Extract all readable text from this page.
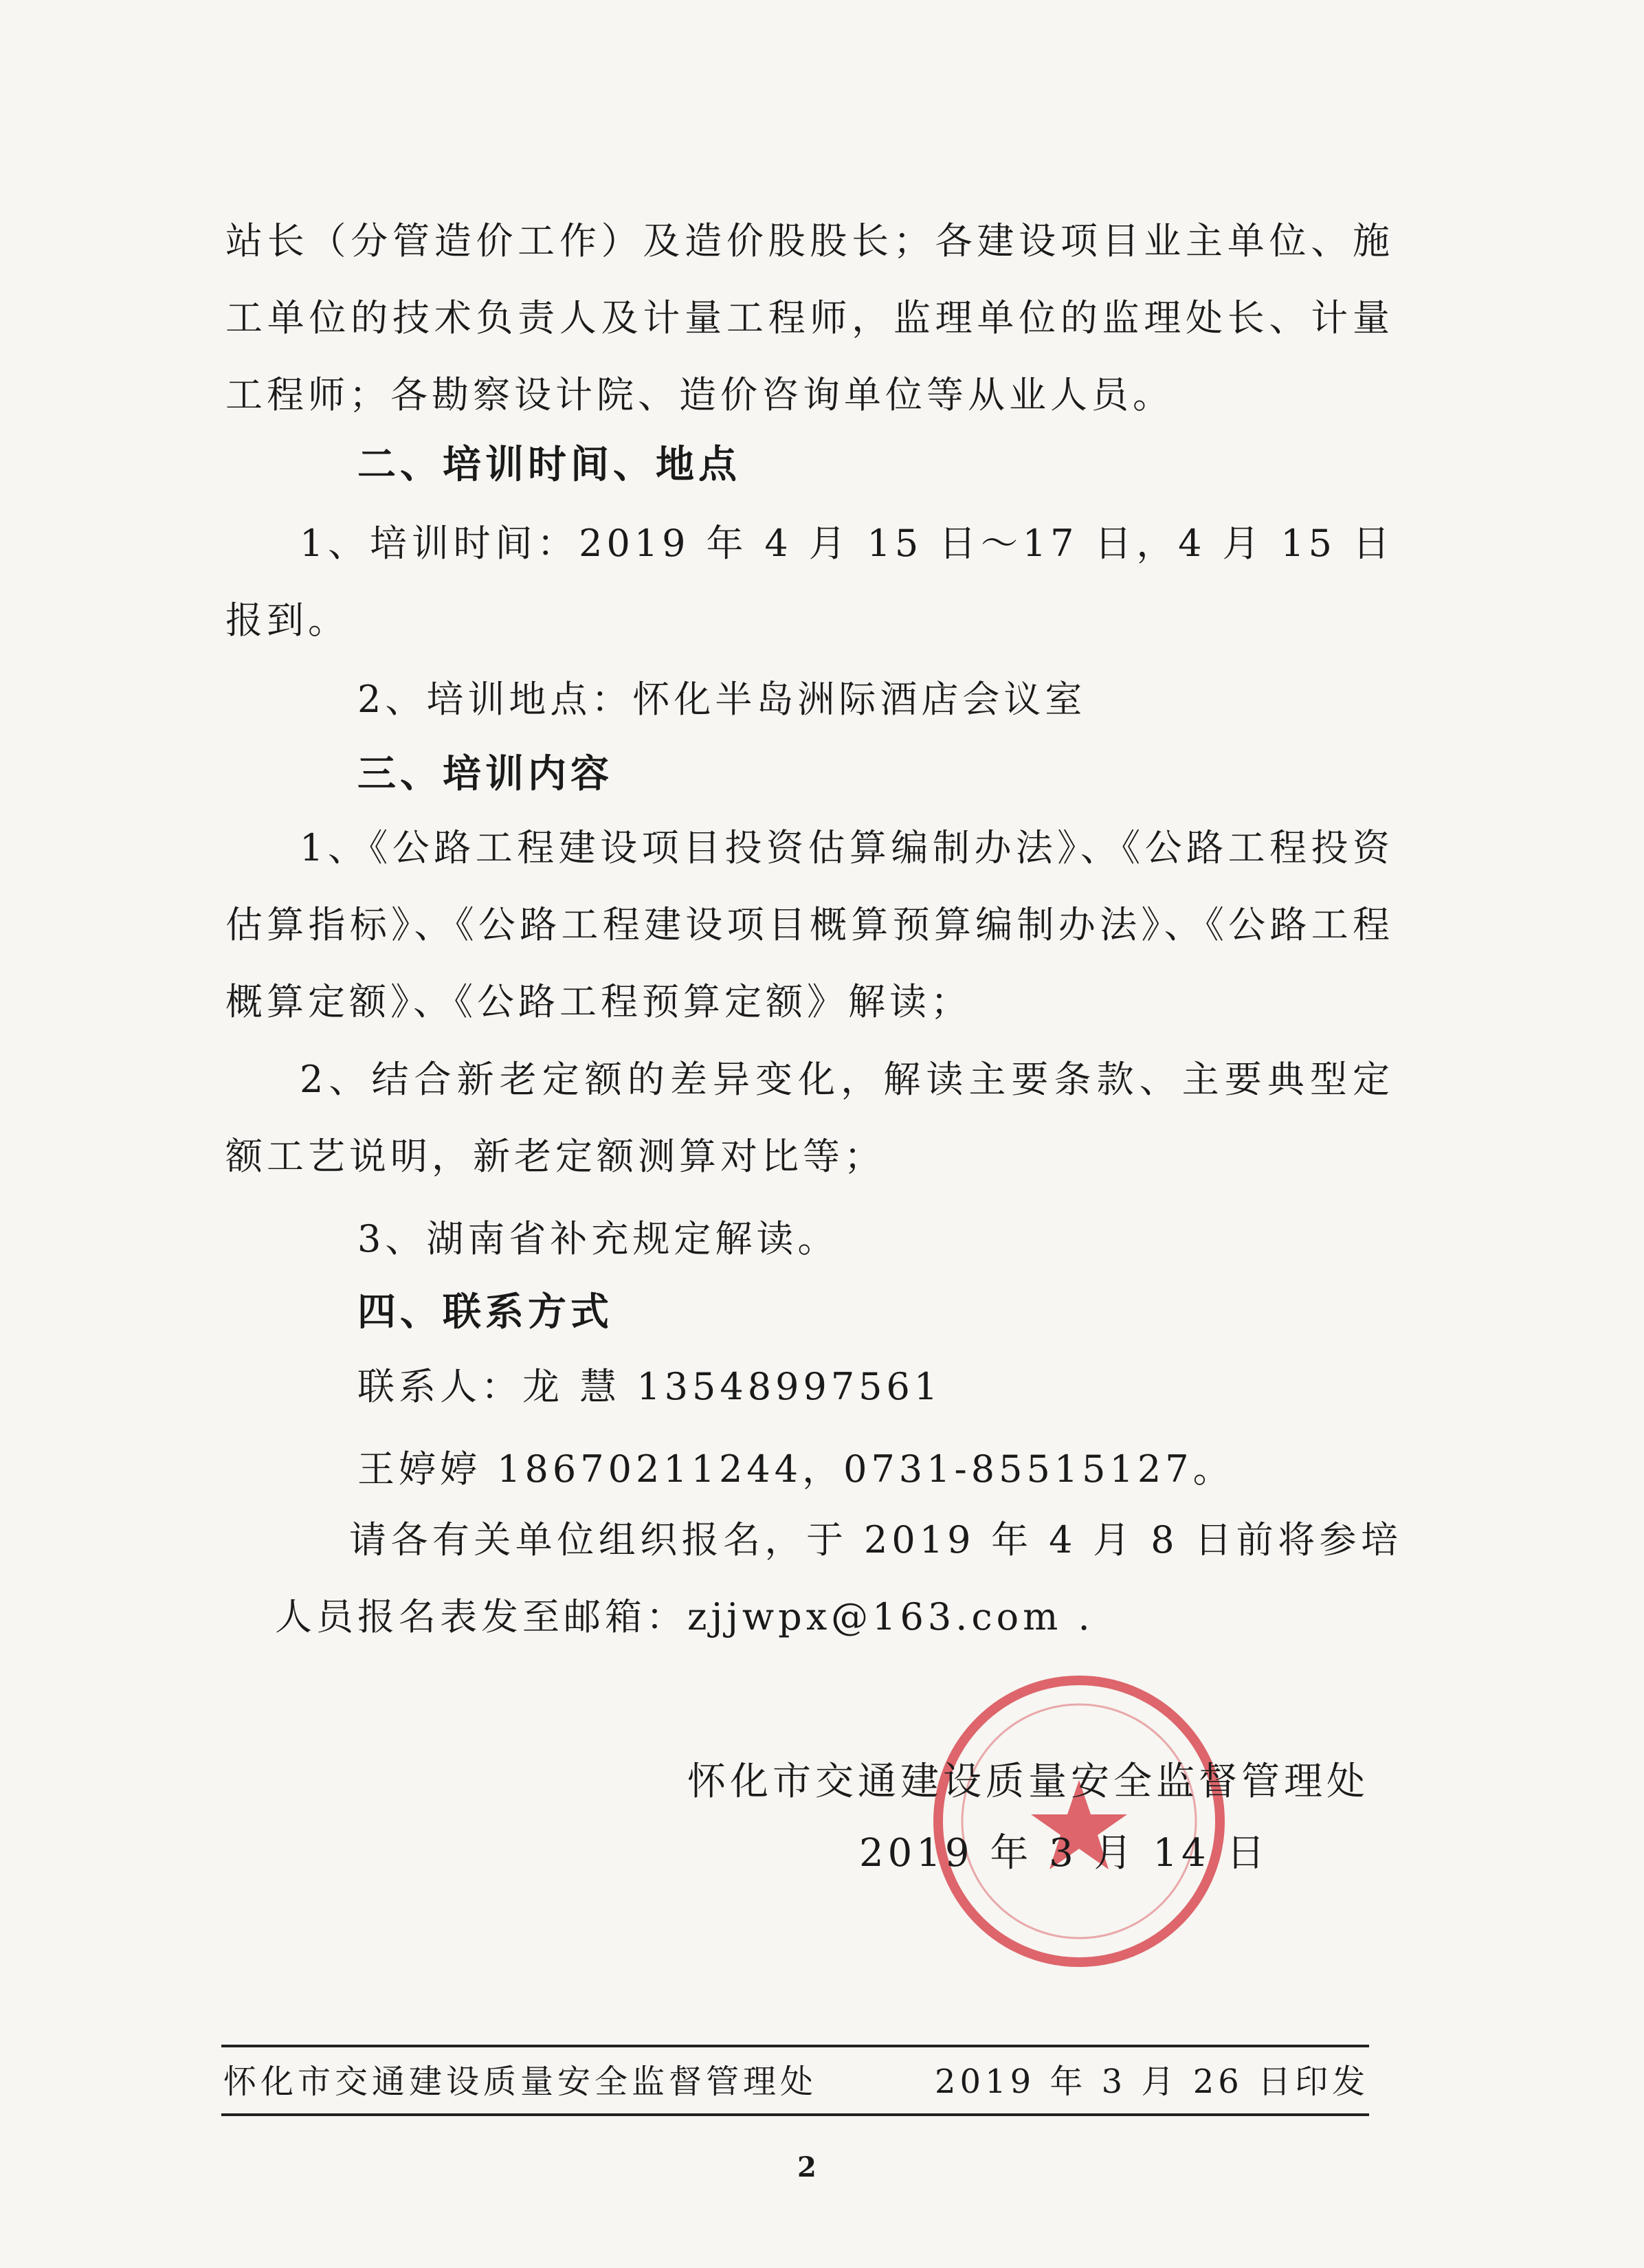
站长（分管造价工作）及造价股股长；各建设项目业主单位、施工单位的技术负责人及计量工程师，监理单位的监理处长、计量工程师；各勘察设计院、造价咨询单位等从业人员。

二、培训时间、地点

1、培训时间：2019 年 4 月 15 日～17 日，4 月 15 日报到。

2、培训地点：怀化半岛洲际酒店会议室

三、培训内容

1、《公路工程建设项目投资估算编制办法》、《公路工程投资估算指标》、《公路工程建设项目概算预算编制办法》、《公路工程概算定额》、《公路工程预算定额》解读；

2、结合新老定额的差异变化，解读主要条款、主要典型定额工艺说明，新老定额测算对比等；

3、湖南省补充规定解读。

四、联系方式

联系人：龙 慧 13548997561

王婷婷 18670211244，0731-85515127。

请各有关单位组织报名，于 2019 年 4 月 8 日前将参培人员报名表发至邮箱：zjjwpx@163.com .

怀化市交通建设质量安全监督管理处

2019 年 3 月 14 日

怀化市交通建设质量安全监督管理处	2019 年 3 月 26 日印发
2
